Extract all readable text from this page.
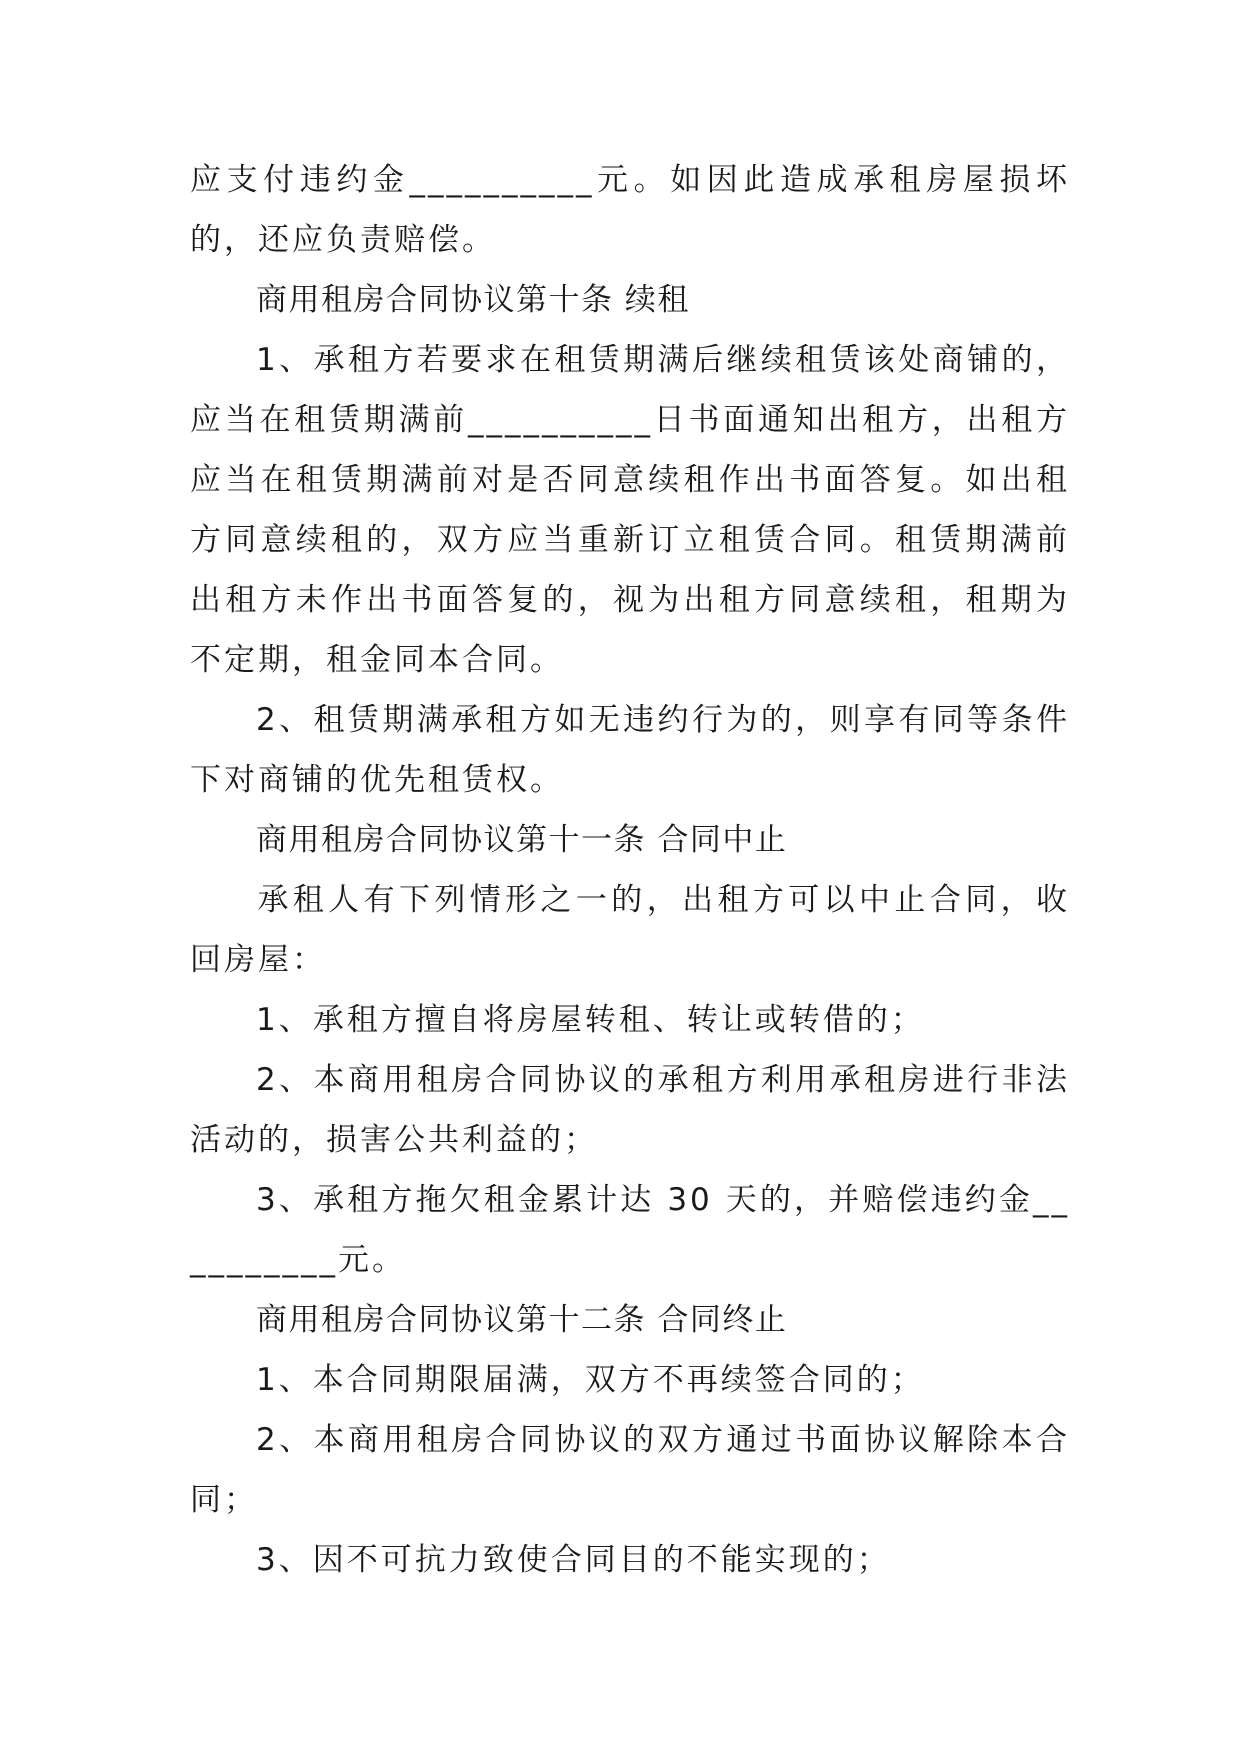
应支付违约金__________元。如因此造成承租房屋损坏的，还应负责赔偿。

商用租房合同协议第十条 续租

1、承租方若要求在租赁期满后继续租赁该处商铺的，应当在租赁期满前__________日书面通知出租方，出租方应当在租赁期满前对是否同意续租作出书面答复。如出租方同意续租的，双方应当重新订立租赁合同。租赁期满前出租方未作出书面答复的，视为出租方同意续租，租期为不定期，租金同本合同。

2、租赁期满承租方如无违约行为的，则享有同等条件下对商铺的优先租赁权。

商用租房合同协议第十一条 合同中止

承租人有下列情形之一的，出租方可以中止合同，收回房屋：

1、承租方擅自将房屋转租、转让或转借的；

2、本商用租房合同协议的承租方利用承租房进行非法活动的，损害公共利益的；

3、承租方拖欠租金累计达 30 天的，并赔偿违约金__________元。

商用租房合同协议第十二条 合同终止

1、本合同期限届满，双方不再续签合同的；

2、本商用租房合同协议的双方通过书面协议解除本合同；

3、因不可抗力致使合同目的不能实现的；
